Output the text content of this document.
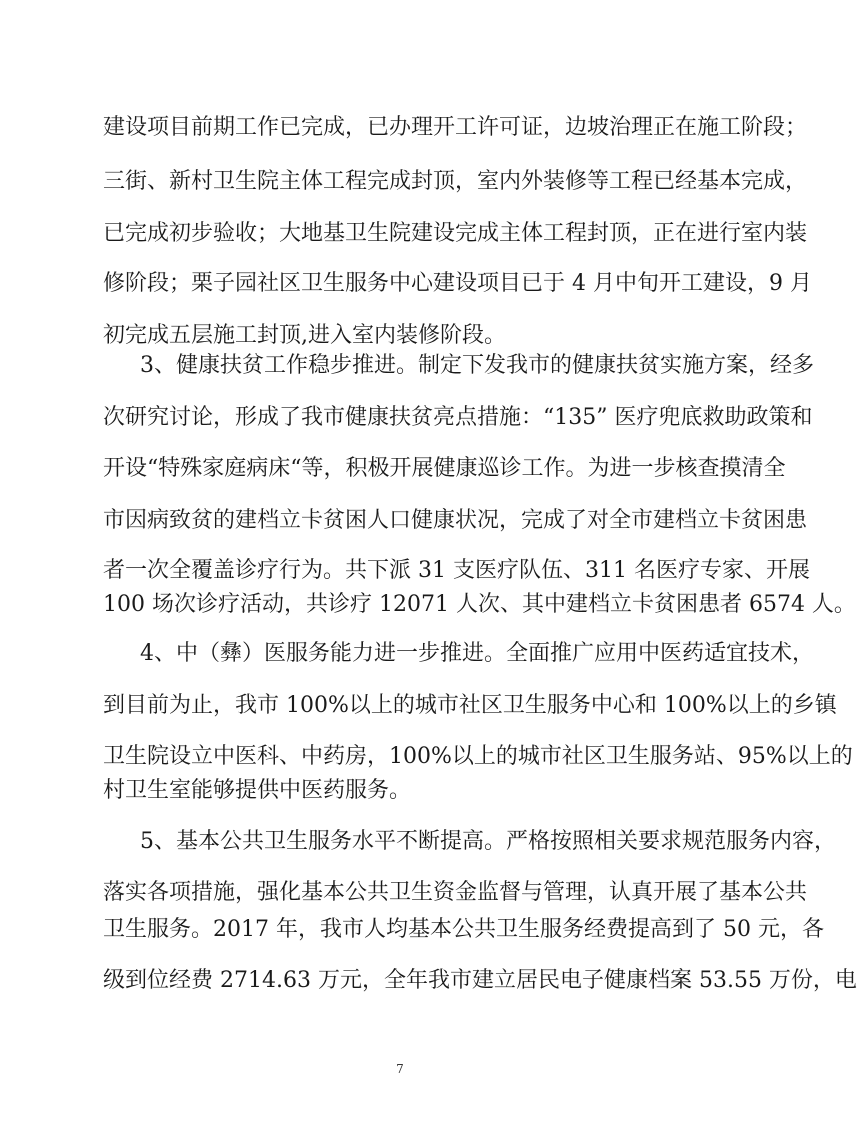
建设项目前期工作已完成，已办理开工许可证，边坡治理正在施工阶段；
三街、新村卫生院主体工程完成封顶，室内外装修等工程已经基本完成，
已完成初步验收；大地基卫生院建设完成主体工程封顶，正在进行室内装
修阶段；栗子园社区卫生服务中心建设项目已于 4 月中旬开工建设，9 月
初完成五层施工封顶,进入室内装修阶段。
3、健康扶贫工作稳步推进。制定下发我市的健康扶贫实施方案，经多
次研究讨论，形成了我市健康扶贫亮点措施：“135” 医疗兜底救助政策和
开设“特殊家庭病床“等，积极开展健康巡诊工作。为进一步核查摸清全
市因病致贫的建档立卡贫困人口健康状况，完成了对全市建档立卡贫困患
者一次全覆盖诊疗行为。共下派 31 支医疗队伍、311 名医疗专家、开展
100 场次诊疗活动，共诊疗 12071 人次、其中建档立卡贫困患者 6574 人。
4、中（彝）医服务能力进一步推进。全面推广应用中医药适宜技术，
到目前为止，我市 100%以上的城市社区卫生服务中心和 100%以上的乡镇
卫生院设立中医科、中药房，100%以上的城市社区卫生服务站、95%以上的
村卫生室能够提供中医药服务。
5、基本公共卫生服务水平不断提高。严格按照相关要求规范服务内容，
落实各项措施，强化基本公共卫生资金监督与管理，认真开展了基本公共
卫生服务。2017 年，我市人均基本公共卫生服务经费提高到了 50 元，各
级到位经费 2714.63 万元，全年我市建立居民电子健康档案 53.55 万份，电
7
